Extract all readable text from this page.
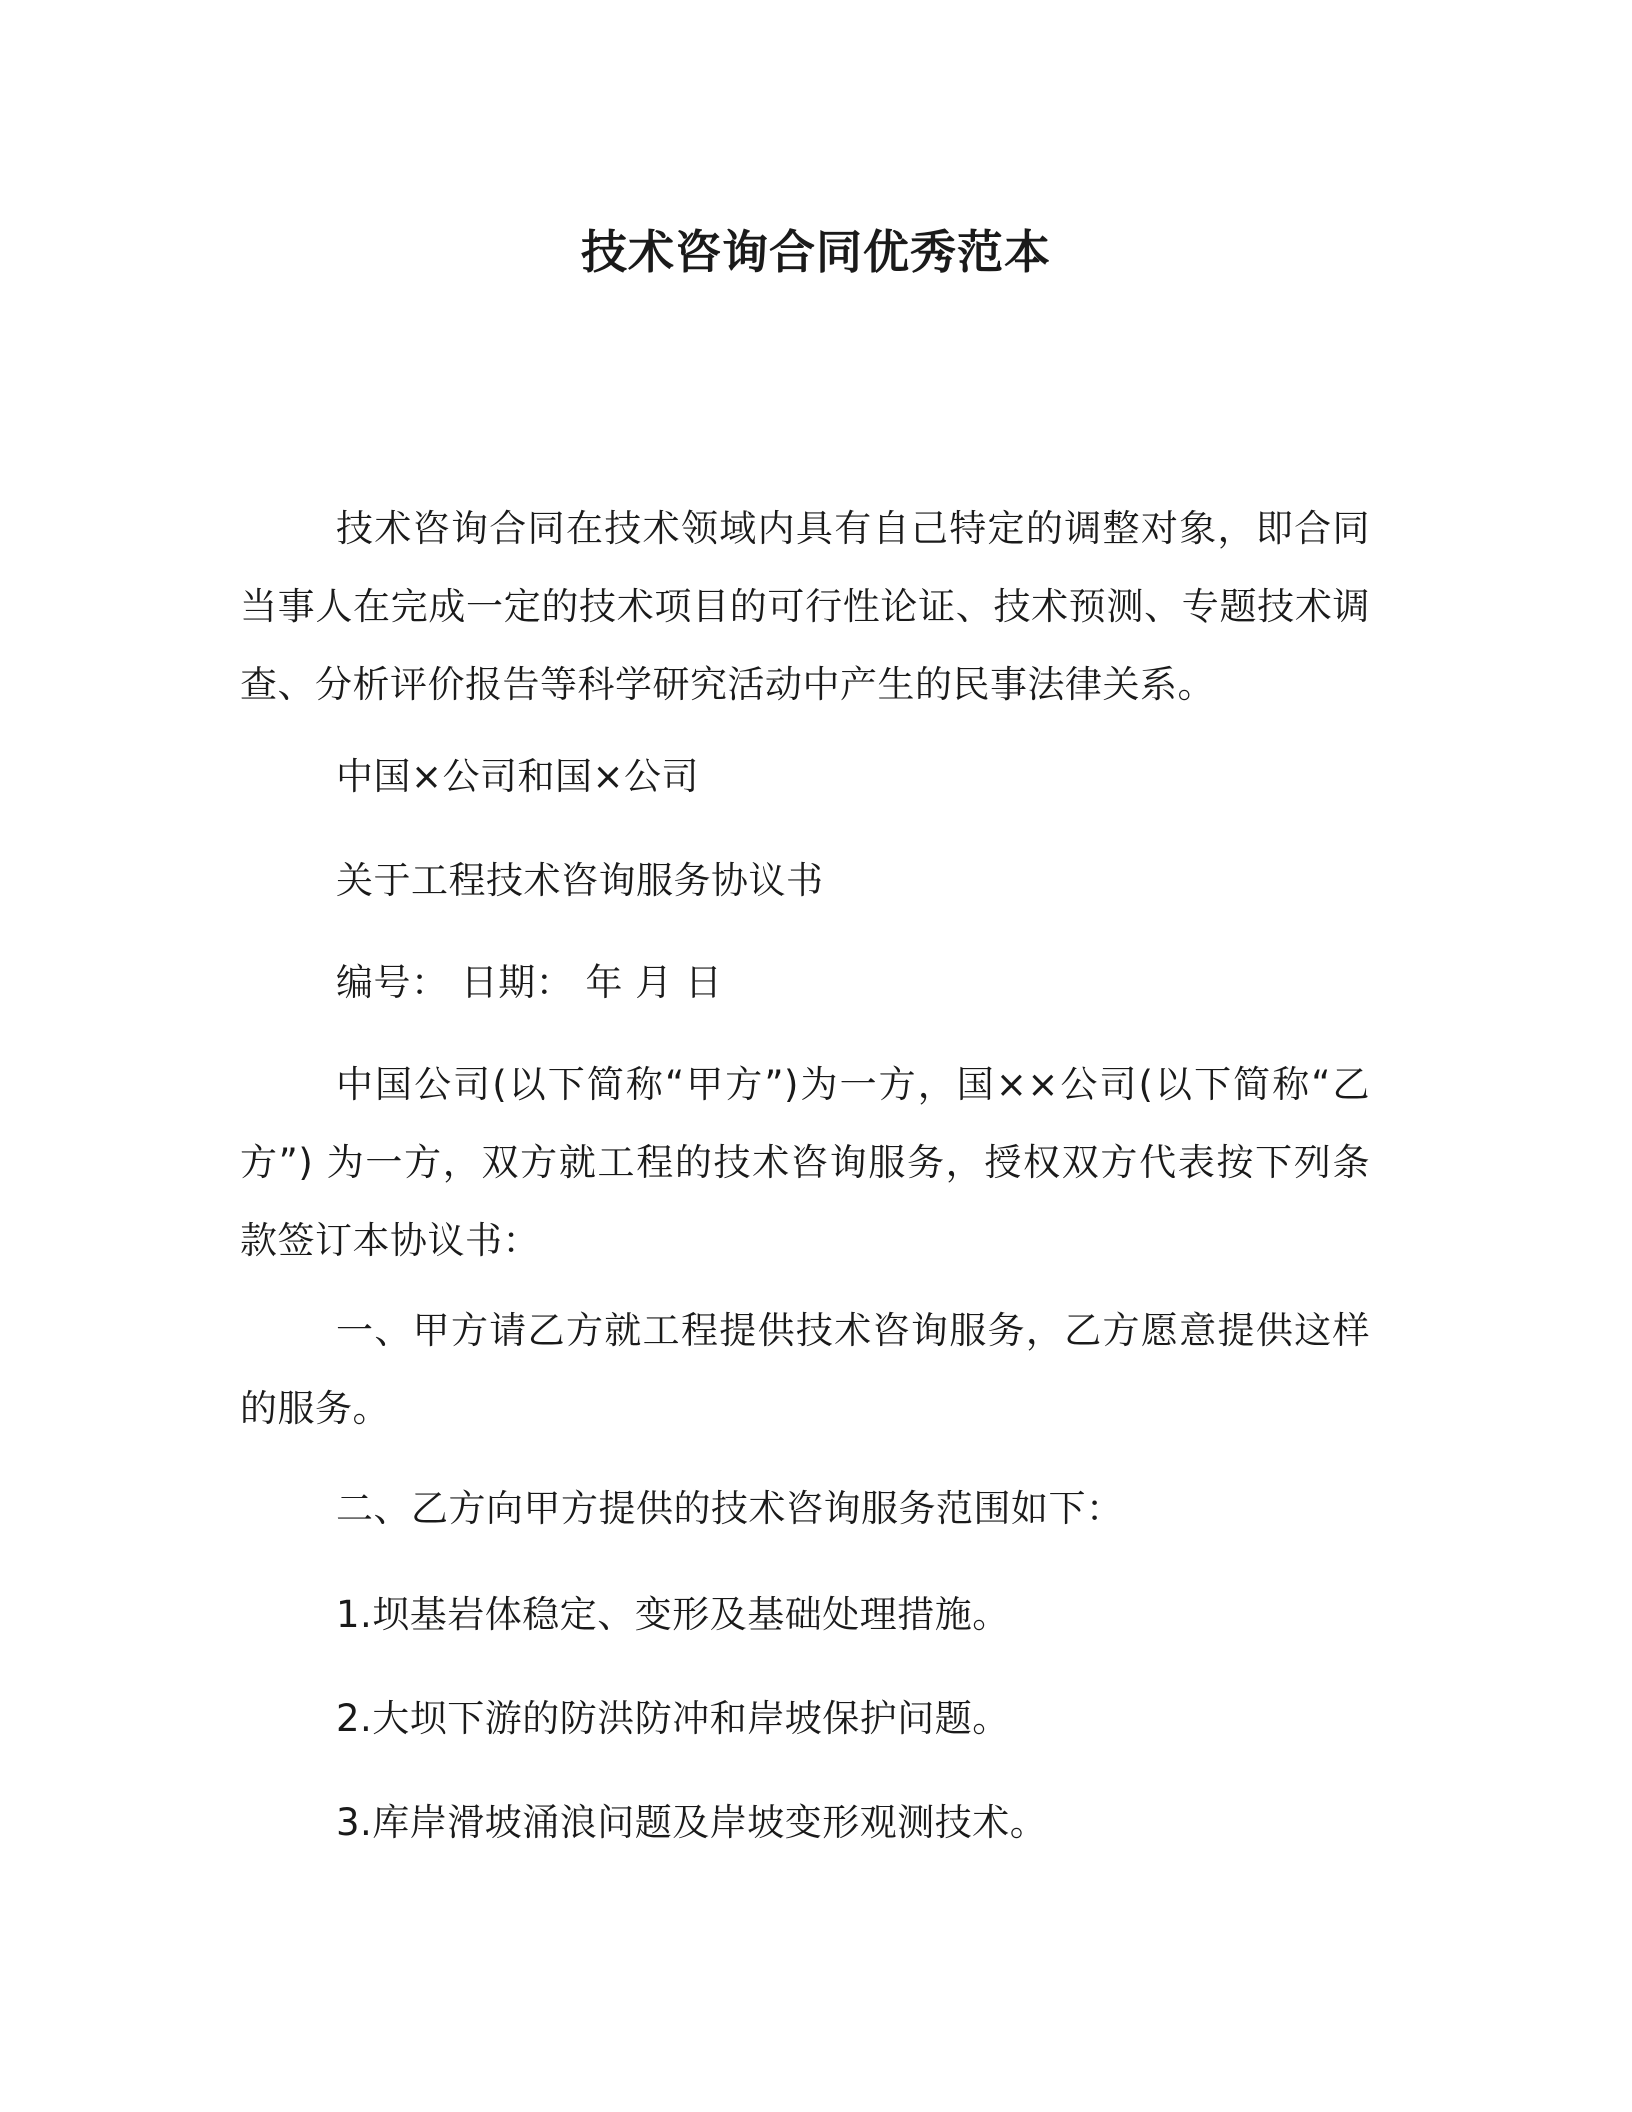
技术咨询合同优秀范本

技术咨询合同在技术领域内具有自己特定的调整对象，即合同当事人在完成一定的技术项目的可行性论证、技术预测、专题技术调查、分析评价报告等科学研究活动中产生的民事法律关系。

中国×公司和国×公司

关于工程技术咨询服务协议书

编号： 日期： 年 月 日

中国公司(以下简称“甲方”)为一方，国××公司(以下简称“乙方”) 为一方，双方就工程的技术咨询服务，授权双方代表按下列条款签订本协议书：

一、甲方请乙方就工程提供技术咨询服务，乙方愿意提供这样的服务。

二、乙方向甲方提供的技术咨询服务范围如下：

1.坝基岩体稳定、变形及基础处理措施。

2.大坝下游的防洪防冲和岸坡保护问题。

3.库岸滑坡涌浪问题及岸坡变形观测技术。
